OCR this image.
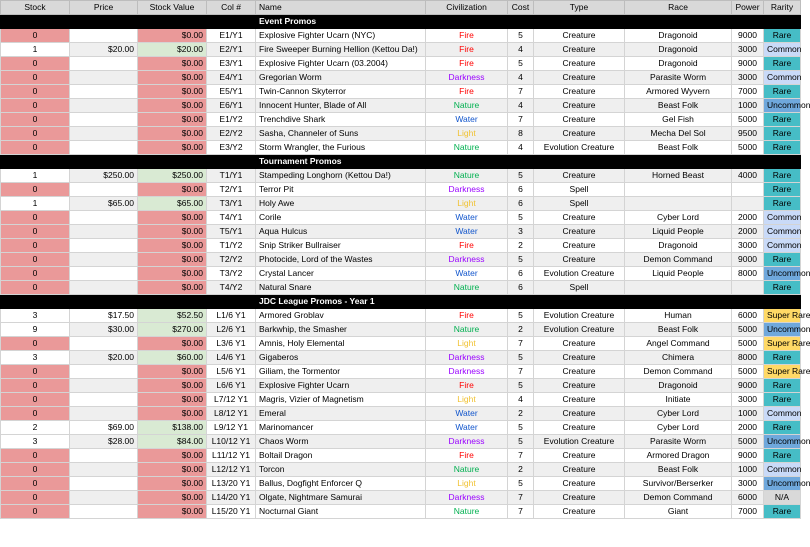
Stock	Price	Stock Value	Col #	Name	Civilization	Cost	Type	Race	Power	Rarity
				Event Promos						
0		$0.00	E1/Y1	Explosive Fighter Ucarn (NYC)	Fire	5	Creature	Dragonoid	9000	Rare
1	$20.00	$20.00	E2/Y1	Fire Sweeper Burning Hellion (Kettou Da!)	Fire	4	Creature	Dragonoid	3000	Common
0		$0.00	E3/Y1	Explosive Fighter Ucarn (03.2004)	Fire	5	Creature	Dragonoid	9000	Rare
0		$0.00	E4/Y1	Gregorian Worm	Darkness	4	Creature	Parasite Worm	3000	Common
0		$0.00	E5/Y1	Twin-Cannon Skyterror	Fire	7	Creature	Armored Wyvern	7000	Rare
0		$0.00	E6/Y1	Innocent Hunter, Blade of All	Nature	4	Creature	Beast Folk	1000	Uncommon
0		$0.00	E1/Y2	Trenchdive Shark	Water	7	Creature	Gel Fish	5000	Rare
0		$0.00	E2/Y2	Sasha, Channeler of Suns	Light	8	Creature	Mecha Del Sol	9500	Rare
0		$0.00	E3/Y2	Storm Wrangler, the Furious	Nature	4	Evolution Creature	Beast Folk	5000	Rare
				Tournament Promos						
1	$250.00	$250.00	T1/Y1	Stampeding Longhorn (Kettou Da!)	Nature	5	Creature	Horned Beast	4000	Rare
0		$0.00	T2/Y1	Terror Pit	Darkness	6	Spell			Rare
1	$65.00	$65.00	T3/Y1	Holy Awe	Light	6	Spell			Rare
0		$0.00	T4/Y1	Corile	Water	5	Creature	Cyber Lord	2000	Common
0		$0.00	T5/Y1	Aqua Hulcus	Water	3	Creature	Liquid People	2000	Common
0		$0.00	T1/Y2	Snip Striker Bullraiser	Fire	2	Creature	Dragonoid	3000	Common
0		$0.00	T2/Y2	Photocide, Lord of the Wastes	Darkness	5	Creature	Demon Command	9000	Rare
0		$0.00	T3/Y2	Crystal Lancer	Water	6	Evolution Creature	Liquid People	8000	Uncommon
0		$0.00	T4/Y2	Natural Snare	Nature	6	Spell			Rare
				JDC League Promos - Year 1						
3	$17.50	$52.50	L1/6 Y1	Armored Groblav	Fire	5	Evolution Creature	Human	6000	Super Rare
9	$30.00	$270.00	L2/6 Y1	Barkwhip, the Smasher	Nature	2	Evolution Creature	Beast Folk	5000	Uncommon
0		$0.00	L3/6 Y1	Amnis, Holy Elemental	Light	7	Creature	Angel Command	5000	Super Rare
3	$20.00	$60.00	L4/6 Y1	Gigaberos	Darkness	5	Creature	Chimera	8000	Rare
0		$0.00	L5/6 Y1	Giliam, the Tormentor	Darkness	7	Creature	Demon Command	5000	Super Rare
0		$0.00	L6/6 Y1	Explosive Fighter Ucarn	Fire	5	Creature	Dragonoid	9000	Rare
0		$0.00	L7/12 Y1	Magris, Vizier of Magnetism	Light	4	Creature	Initiate	3000	Rare
0		$0.00	L8/12 Y1	Emeral	Water	2	Creature	Cyber Lord	1000	Common
2	$69.00	$138.00	L9/12 Y1	Marinomancer	Water	5	Creature	Cyber Lord	2000	Rare
3	$28.00	$84.00	L10/12 Y1	Chaos Worm	Darkness	5	Evolution Creature	Parasite Worm	5000	Uncommon
0		$0.00	L11/12 Y1	Boltail Dragon	Fire	7	Creature	Armored Dragon	9000	Rare
0		$0.00	L12/12 Y1	Torcon	Nature	2	Creature	Beast Folk	1000	Common
0		$0.00	L13/20 Y1	Ballus, Dogfight Enforcer Q	Light	5	Creature	Survivor/Berserker	3000	Uncommon
0		$0.00	L14/20 Y1	Olgate, Nightmare Samurai	Darkness	7	Creature	Demon Command	6000	N/A
0		$0.00	L15/20 Y1	Nocturnal Giant	Nature	7	Creature	Giant	7000	Rare
